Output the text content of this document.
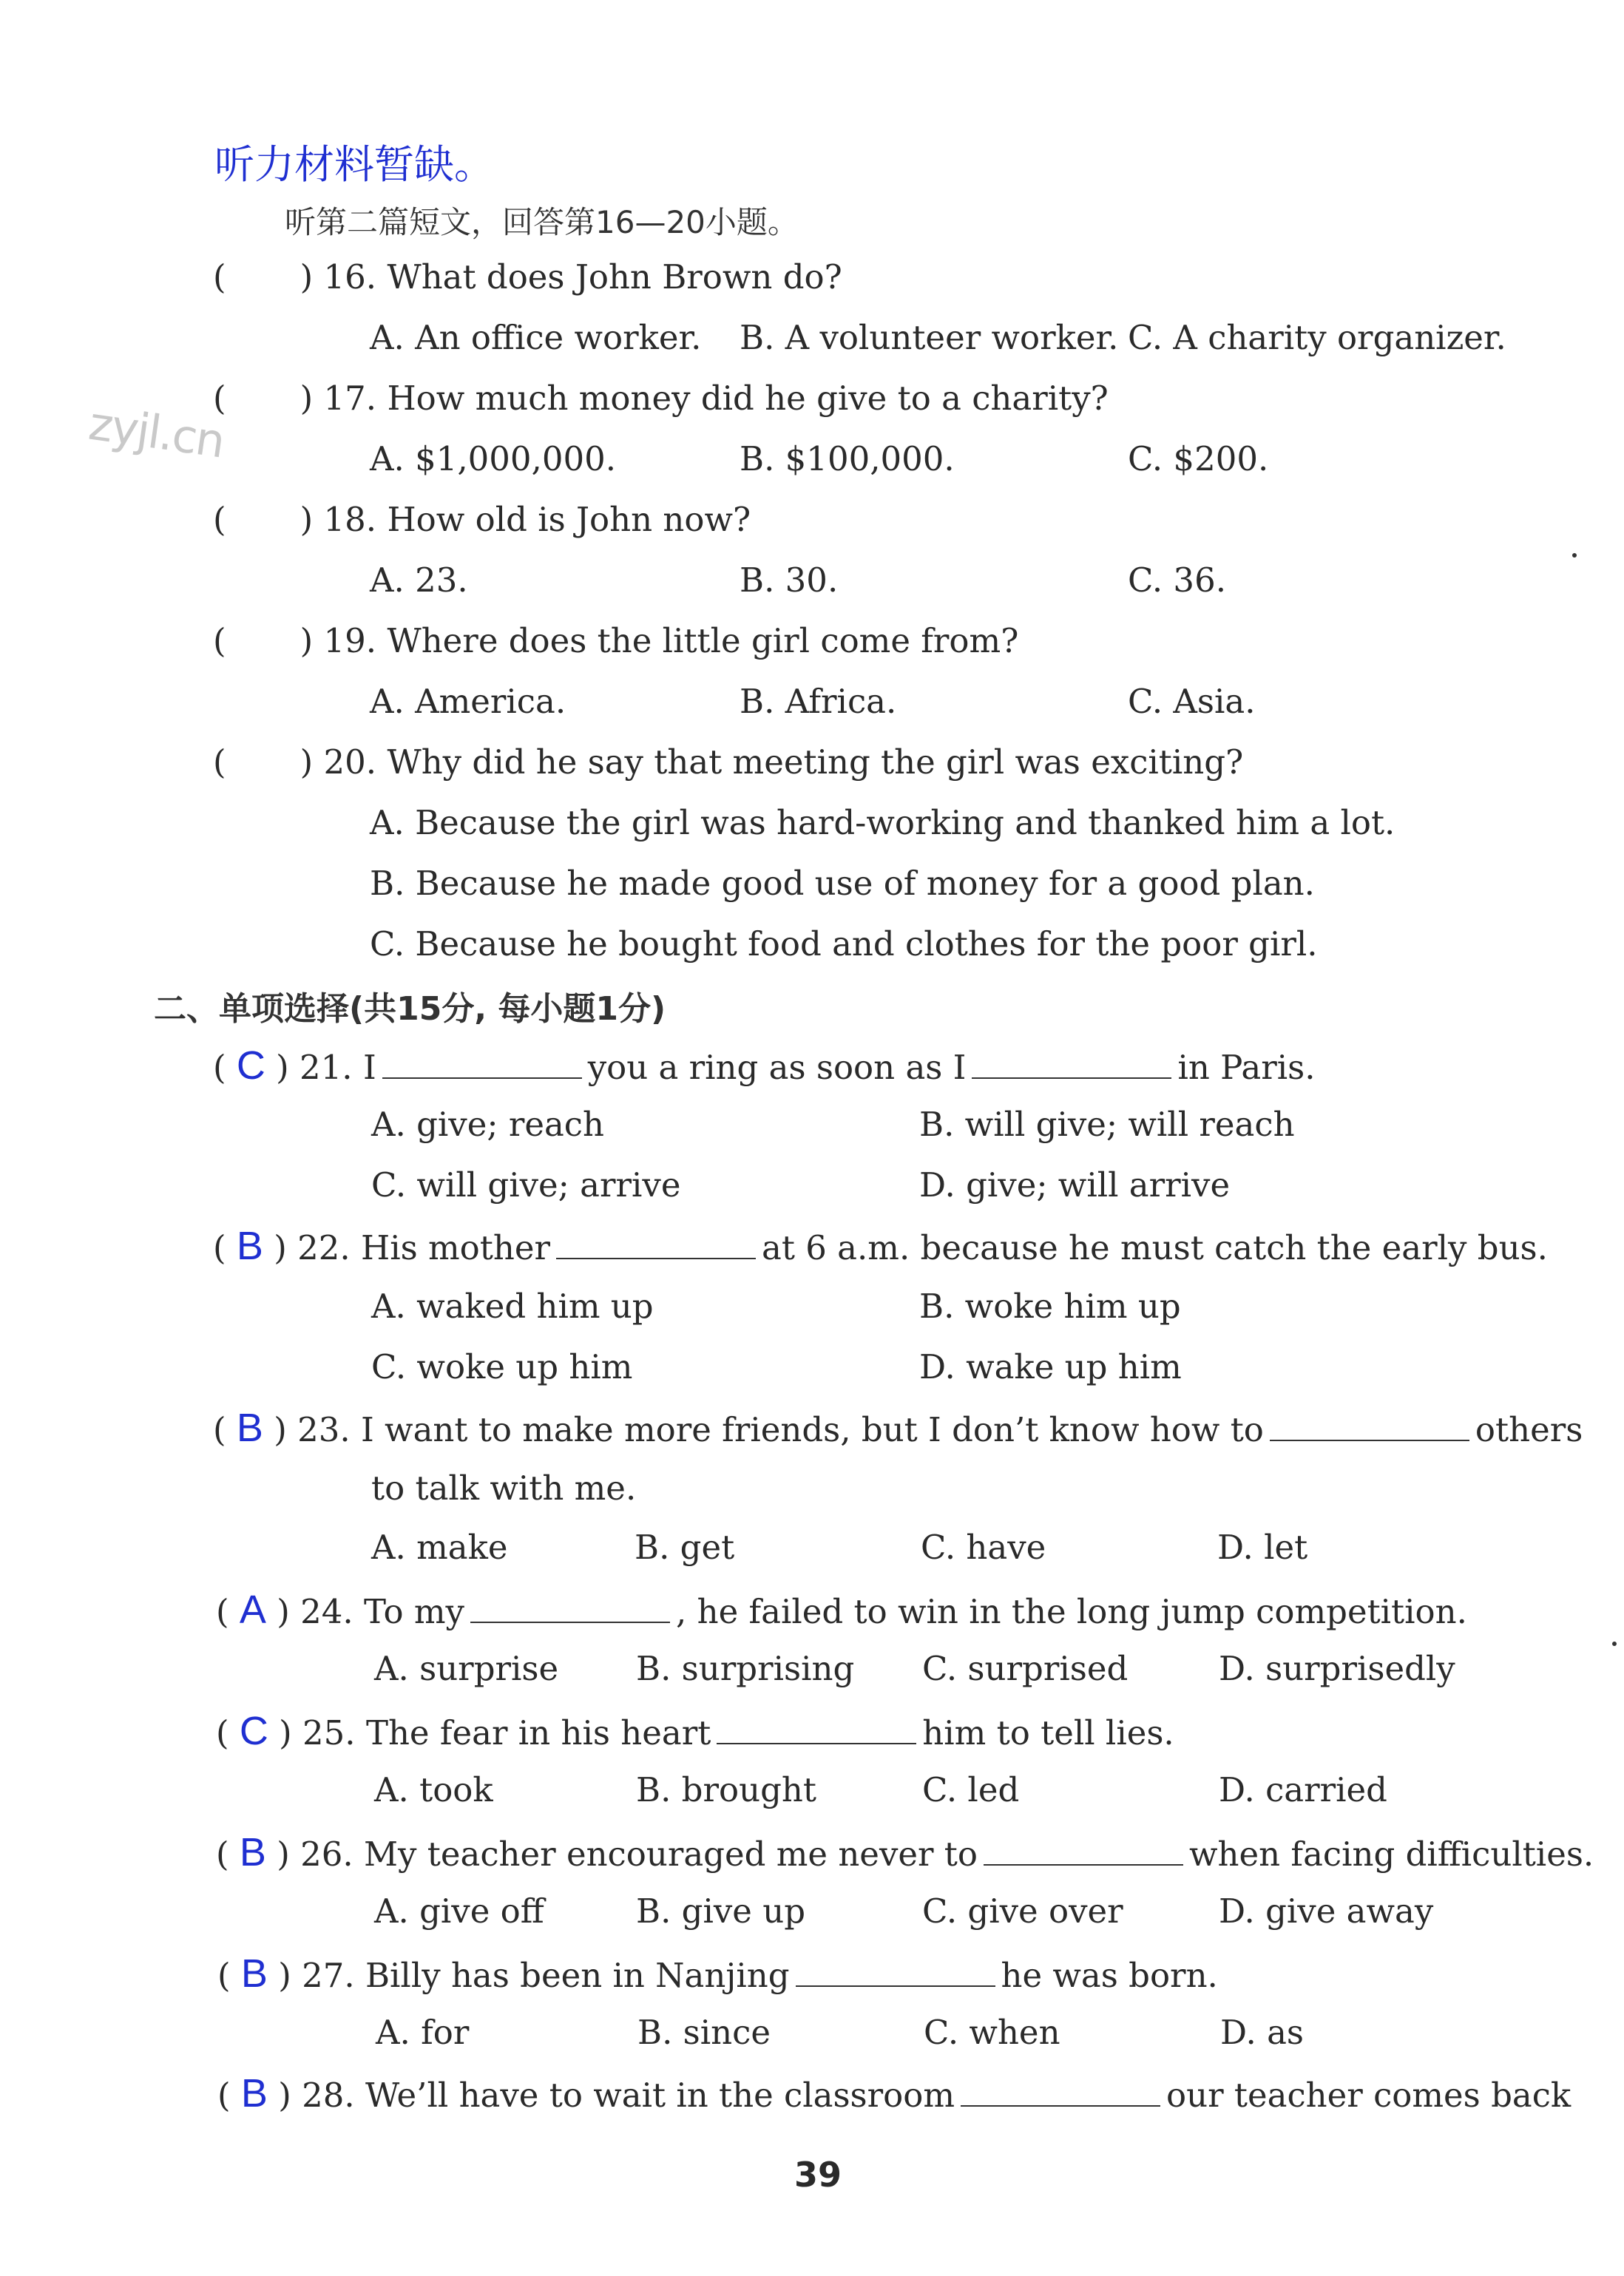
听力材料暂缺。
听第二篇短文，回答第16—20小题。
zyjl.cn
(       ) 16. What does John Brown do?
A. An office worker. B. A volunteer worker. C. A charity organizer.
(       ) 17. How much money did he give to a charity?
A. $1,000,000.	B. $100,000.	C. $200.
(       ) 18. How old is John now?
A. 23.	B. 30.	C. 36.
(       ) 19. Where does the little girl come from?
A. America.	B. Africa.	C. Asia.
(       ) 20. Why did he say that meeting the girl was exciting?
A. Because the girl was hard-working and thanked him a lot.
B. Because he made good use of money for a good plan.
C. Because he bought food and clothes for the poor girl.
二、单项选择(共15分, 每小题1分)
( C ) 21. I	you a ring as soon as I	in Paris.
A. give; reach	B. will give; will reach
C. will give; arrive	D. give; will arrive
( B ) 22. His mother	at 6 a.m. because he must catch the early bus.
A. waked him up	B. woke him up
C. woke up him	D. wake up him
( B ) 23. I want to make more friends, but I don’t know how to	others
to talk with me.
A. make	B. get	C. have	D. let
( A ) 24. To my	, he failed to win in the long jump competition.
A. surprise B. surprising C. surprised	D. surprisedly
( C ) 25. The fear in his heart	him to tell lies.
A. took	B. brought	C. led	D. carried
( B ) 26. My teacher encouraged me never to	when facing difficulties.
A. give off	B. give up	C. give over	D. give away
( B ) 27. Billy has been in Nanjing	he was born.
A. for	B. since	C. when	D. as
( B ) 28. We’ll have to wait in the classroom	our teacher comes back
39
